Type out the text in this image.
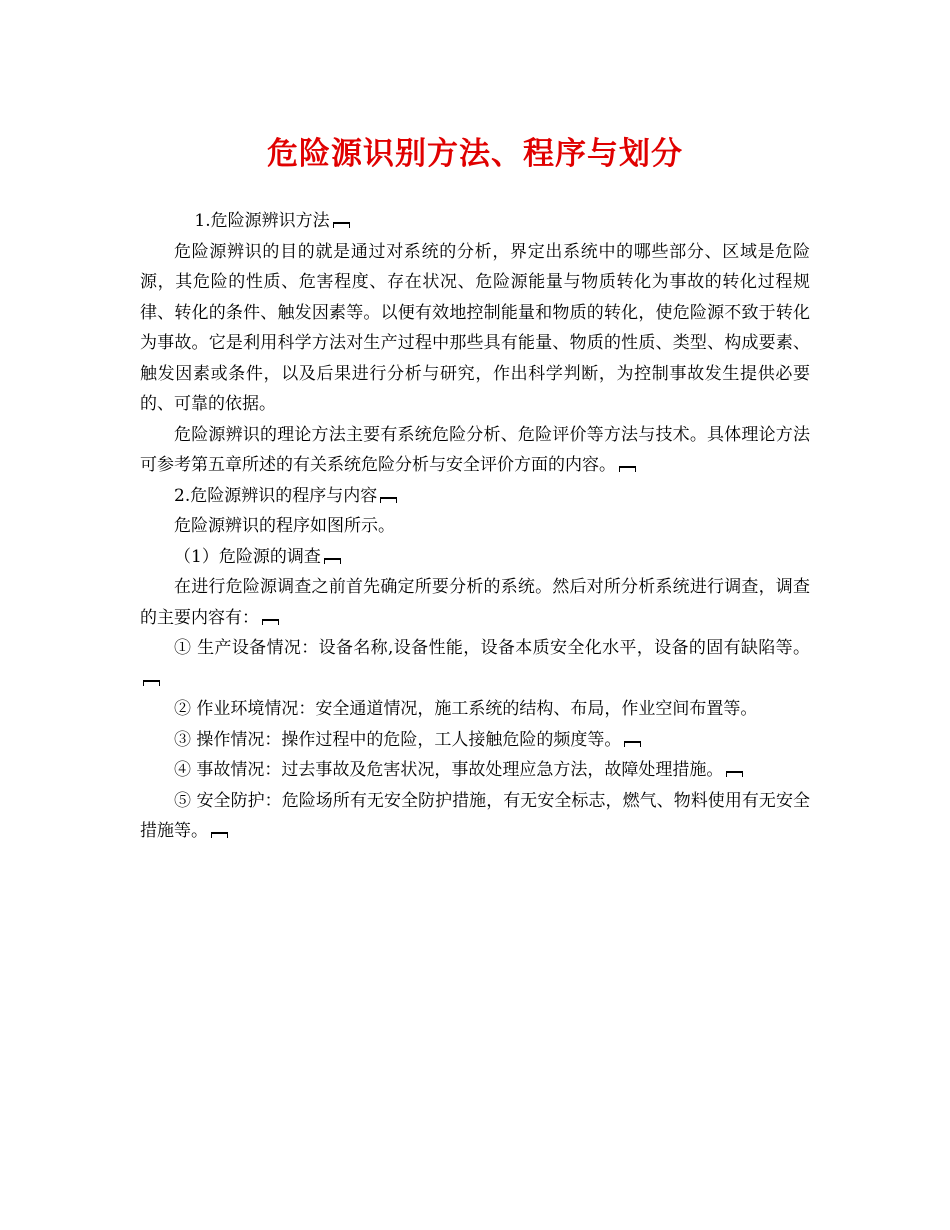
危险源识别方法、程序与划分

1.危险源辨识方法

危险源辨识的目的就是通过对系统的分析，界定出系统中的哪些部分、区域是危险源，其危险的性质、危害程度、存在状况、危险源能量与物质转化为事故的转化过程规律、转化的条件、触发因素等。以便有效地控制能量和物质的转化，使危险源不致于转化为事故。它是利用科学方法对生产过程中那些具有能量、物质的性质、类型、构成要素、触发因素或条件，以及后果进行分析与研究，作出科学判断，为控制事故发生提供必要的、可靠的依据。

危险源辨识的理论方法主要有系统危险分析、危险评价等方法与技术。具体理论方法可参考第五章所述的有关系统危险分析与安全评价方面的内容。

2.危险源辨识的程序与内容

危险源辨识的程序如图所示。

（1）危险源的调查

在进行危险源调查之前首先确定所要分析的系统。然后对所分析系统进行调查，调查的主要内容有：

① 生产设备情况：设备名称,设备性能，设备本质安全化水平，设备的固有缺陷等。

② 作业环境情况：安全通道情况，施工系统的结构、布局，作业空间布置等。

③ 操作情况：操作过程中的危险，工人接触危险的频度等。

④ 事故情况：过去事故及危害状况，事故处理应急方法，故障处理措施。

⑤ 安全防护：危险场所有无安全防护措施，有无安全标志，燃气、物料使用有无安全措施等。
